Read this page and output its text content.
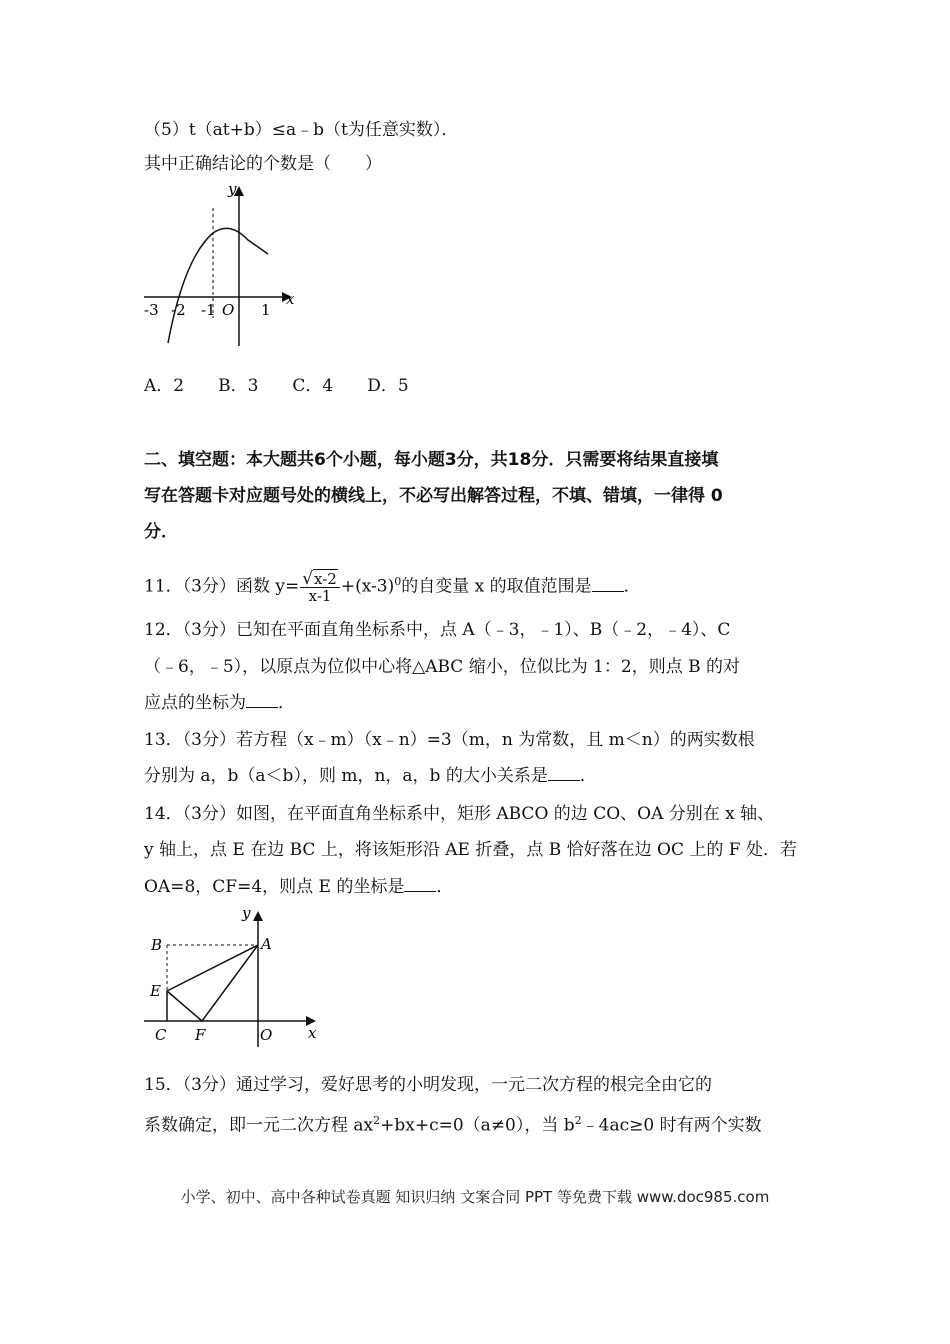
（5）t（at+b）≤a﹣b（t为任意实数）．
其中正确结论的个数是（　　）
y
x
-3 -2 -1 O 1
A．2　　B．3　　C．4　　D．5
二、填空题：本大题共6个小题，每小题3分，共18分．只需要将结果直接填
写在答题卡对应题号处的横线上，不必写出解答过程，不填、错填，一律得 0
分．
11．（3分）函数 $y= \frac{√x-2}{x-1} +(x-3)^0$的自变量 x 的取值范围是 ．
12．（3分）已知在平面直角坐标系中，点 A（﹣3，﹣1）、B（﹣2，﹣4）、C
（﹣6，﹣5），以原点为位似中心将△ABC 缩小，位似比为 1：2，则点 B 的对
应点的坐标为 ．
13．（3分）若方程（x﹣m）（x﹣n）=3（m，n 为常数，且 m＜n）的两实数根
分别为 a，b（a＜b），则 m，n，a，b 的大小关系是 ．
14．（3分）如图，在平面直角坐标系中，矩形 ABCO 的边 CO、OA 分别在 x 轴、
y 轴上，点 E 在边 BC 上，将该矩形沿 AE 折叠，点 B 恰好落在边 OC 上的 F 处．若
OA=8，CF=4，则点 E 的坐标是 ．
y
B	A
E
C F	O x
15．（3分）通过学习，爱好思考的小明发现，一元二次方程的根完全由它的
系数确定，即一元二次方程 $ax^2+bx+c=0(a\ne 0)$，当 $b^2﹣4ac\ge 0$ 时有两个实数
小学、初中、高中各种试卷真题 知识归纳 文案合同 PPT 等免费下载 www.doc985.com
